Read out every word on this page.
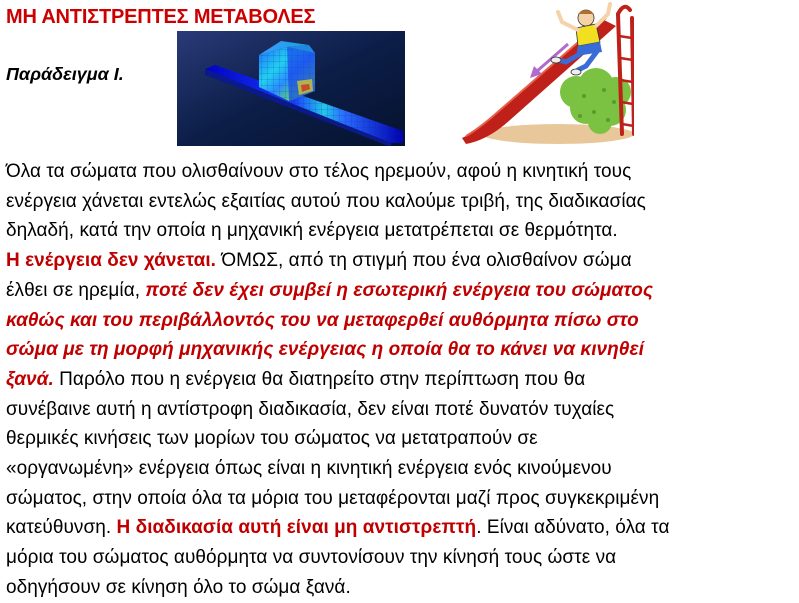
ΜΗ ΑΝΤΙΣΤΡΕΠΤΕΣ ΜΕΤΑΒΟΛΕΣ
Παράδειγμα Ι.
Όλα τα σώματα που ολισθαίνουν στο τέλος ηρεμούν, αφού η κινητική τους
ενέργεια χάνεται εντελώς εξαιτίας αυτού που καλούμε τριβή, της διαδικασίας
δηλαδή, κατά την οποία η μηχανική ενέργεια μετατρέπεται σε θερμότητα.
Η ενέργεια δεν χάνεται. ΌΜΩΣ, από τη στιγμή που ένα ολισθαίνον σώμα
έλθει σε ηρεμία, ποτέ δεν έχει συμβεί η εσωτερική ενέργεια του σώματος
καθώς και του περιβάλλοντός του να μεταφερθεί αυθόρμητα πίσω στο
σώμα με τη μορφή μηχανικής ενέργειας η οποία θα το κάνει να κινηθεί
ξανά. Παρόλο που η ενέργεια θα διατηρείτο στην περίπτωση που θα
συνέβαινε αυτή η αντίστροφη διαδικασία, δεν είναι ποτέ δυνατόν τυχαίες
θερμικές κινήσεις των μορίων του σώματος να μετατραπούν σε
«οργανωμένη» ενέργεια όπως είναι η κινητική ενέργεια ενός κινούμενου
σώματος, στην οποία όλα τα μόρια του μεταφέρονται μαζί προς συγκεκριμένη
κατεύθυνση. Η διαδικασία αυτή είναι μη αντιστρεπτή. Είναι αδύνατο, όλα τα
μόρια του σώματος αυθόρμητα να συντονίσουν την κίνησή τους ώστε να
οδηγήσουν σε κίνηση όλο το σώμα ξανά.
